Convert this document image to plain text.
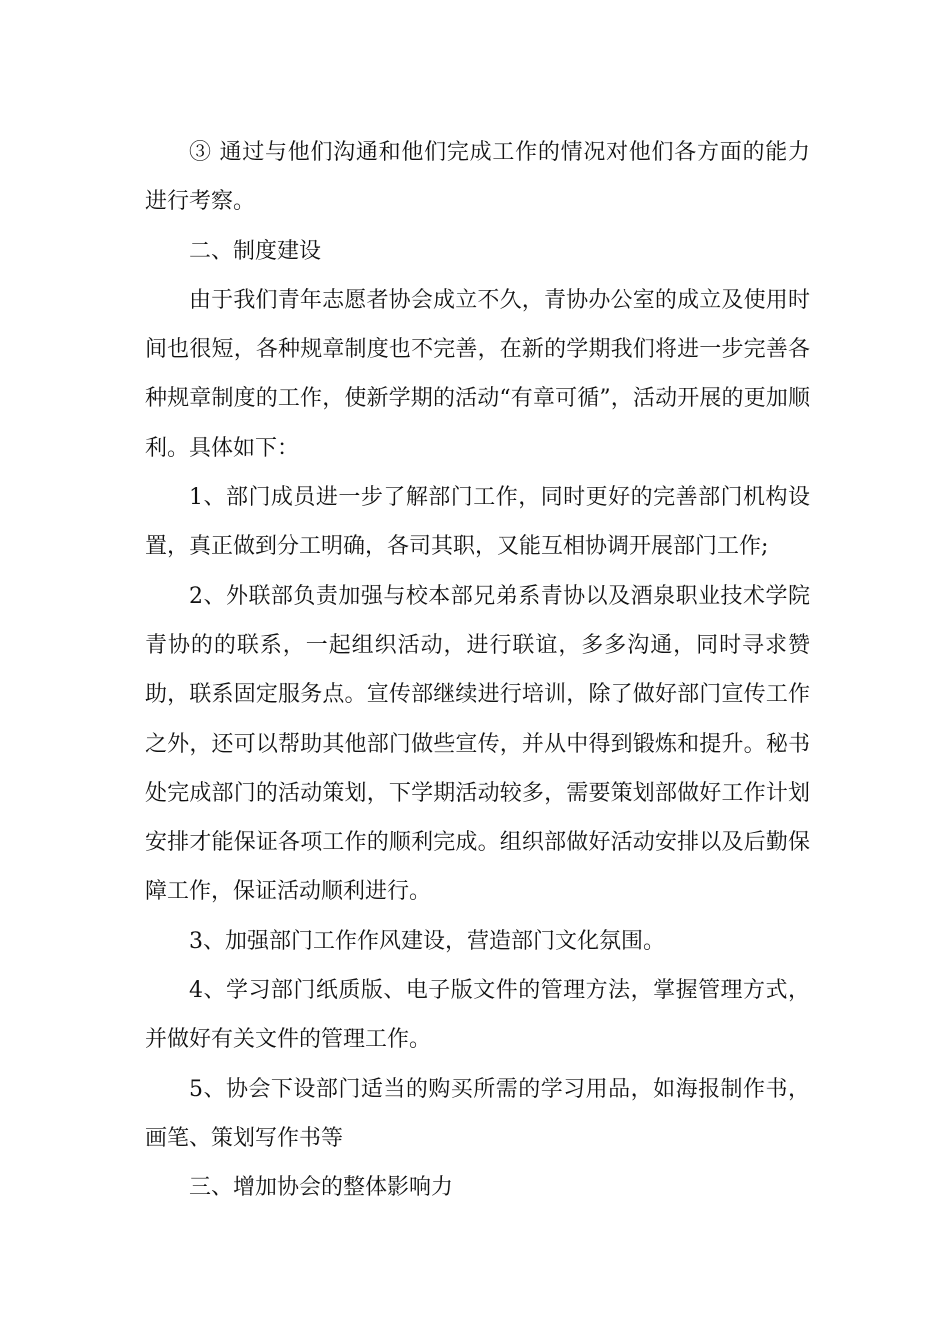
③ 通过与他们沟通和他们完成工作的情况对他们各方面的能力进行考察。

二、制度建设

由于我们青年志愿者协会成立不久，青协办公室的成立及使用时间也很短，各种规章制度也不完善，在新的学期我们将进一步完善各种规章制度的工作，使新学期的活动“有章可循”，活动开展的更加顺利。具体如下：

1、部门成员进一步了解部门工作，同时更好的完善部门机构设置，真正做到分工明确，各司其职，又能互相协调开展部门工作;

2、外联部负责加强与校本部兄弟系青协以及酒泉职业技术学院青协的的联系，一起组织活动，进行联谊，多多沟通，同时寻求赞助，联系固定服务点。宣传部继续进行培训，除了做好部门宣传工作之外，还可以帮助其他部门做些宣传，并从中得到锻炼和提升。秘书处完成部门的活动策划，下学期活动较多，需要策划部做好工作计划安排才能保证各项工作的顺利完成。组织部做好活动安排以及后勤保障工作，保证活动顺利进行。

3、加强部门工作作风建设，营造部门文化氛围。

4、学习部门纸质版、电子版文件的管理方法，掌握管理方式，并做好有关文件的管理工作。

5、协会下设部门适当的购买所需的学习用品，如海报制作书，画笔、策划写作书等

三、增加协会的整体影响力
